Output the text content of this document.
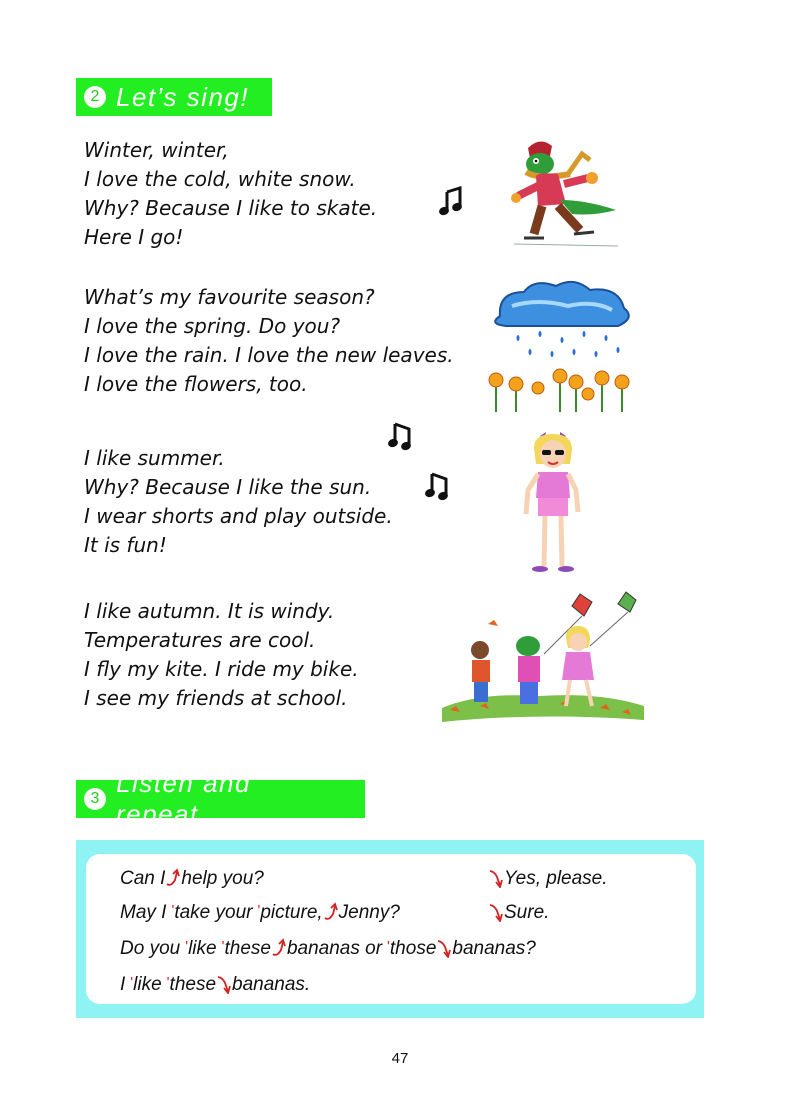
2 Let’s sing!
Winter, winter,
I love the cold, white snow.
Why? Because I like to skate.
Here I go!
What’s my favourite season?
I love the spring. Do you?
I love the rain. I love the new leaves.
I love the flowers, too.
I like summer.
Why? Because I like the sun.
I wear shorts and play outside.
It is fun!
I like autumn. It is windy.
Temperatures are cool.
I fly my kite. I ride my bike.
I see my friends at school.
3
Listen and repeat.
Can I help you?	Yes, please.
May I 'take your 'picture, Jenny?	Sure.
Do you 'like 'these bananas or 'those bananas?
I 'like 'these bananas.
47
